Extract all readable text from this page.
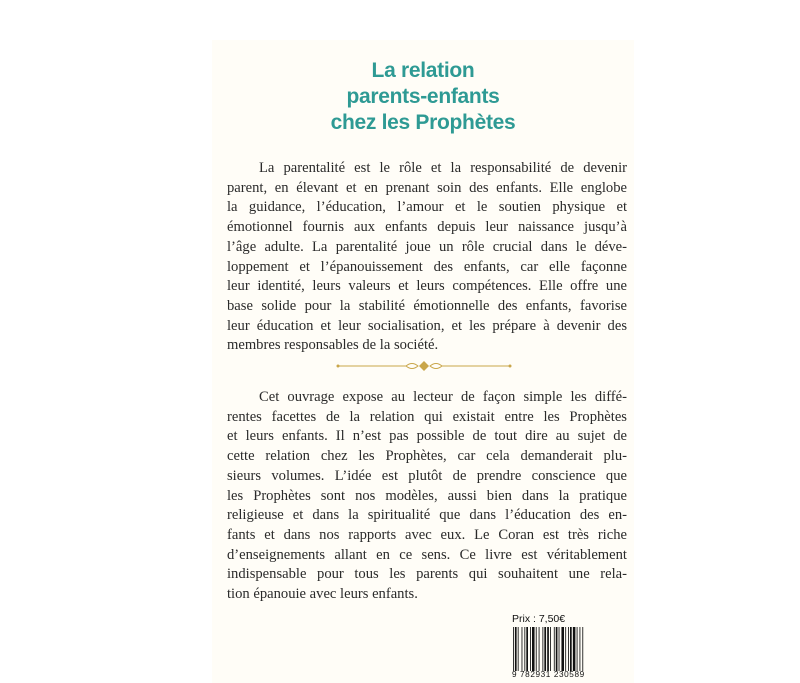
La relation
parents-enfants
chez les Prophètes
La parentalité est le rôle et la responsabilité de devenir
parent, en élevant et en prenant soin des enfants. Elle englobe
la guidance, l’éducation, l’amour et le soutien physique et
émotionnel fournis aux enfants depuis leur naissance jusqu’à
l’âge adulte. La parentalité joue un rôle crucial dans le déve-
loppement et l’épanouissement des enfants, car elle façonne
leur identité, leurs valeurs et leurs compétences. Elle offre une
base solide pour la stabilité émotionnelle des enfants, favorise
leur éducation et leur socialisation, et les prépare à devenir des
membres responsables de la société.
Cet ouvrage expose au lecteur de façon simple les diffé-
rentes facettes de la relation qui existait entre les Prophètes
et leurs enfants. Il n’est pas possible de tout dire au sujet de
cette relation chez les Prophètes, car cela demanderait plu-
sieurs volumes. L’idée est plutôt de prendre conscience que
les Prophètes sont nos modèles, aussi bien dans la pratique
religieuse et dans la spiritualité que dans l’éducation des en-
fants et dans nos rapports avec eux. Le Coran est très riche
d’enseignements allant en ce sens. Ce livre est véritablement
indispensable pour tous les parents qui souhaitent une rela-
tion épanouie avec leurs enfants.
Prix : 7,50€
9 782931 230589
